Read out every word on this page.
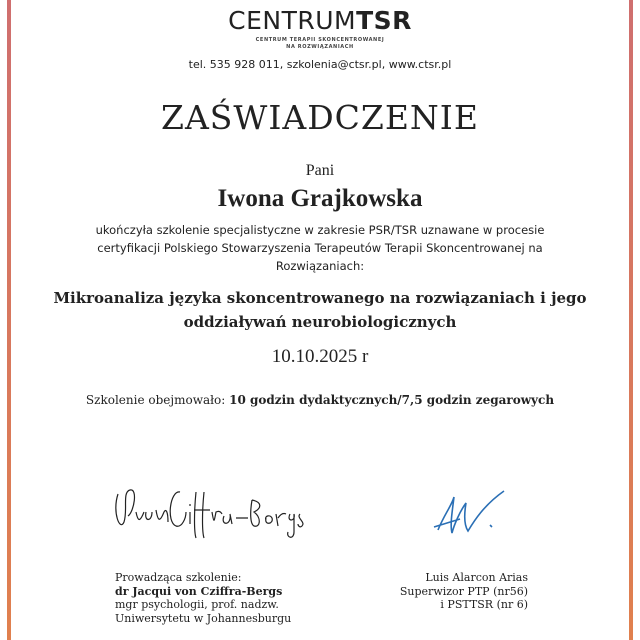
CENTRUMTSR
CENTRUM TERAPII SKONCENTROWANEJ
NA ROZWIĄZANIACH
tel. 535 928 011, szkolenia@ctsr.pl, www.ctsr.pl
ZAŚWIADCZENIE
Pani
Iwona Grajkowska
ukończyła szkolenie specjalistyczne w zakresie PSR/TSR uznawane w procesie
certyfikacji Polskiego Stowarzyszenia Terapeutów Terapii Skoncentrowanej na
Rozwiązaniach:
Mikroanaliza języka skoncentrowanego na rozwiązaniach i jego
oddziaływań neurobiologicznych
10.10.2025 r
Szkolenie obejmowało: 10 godzin dydaktycznych/7,5 godzin zegarowych
Prowadząca szkolenie:
dr Jacqui von Cziffra-Bergs
mgr psychologii, prof. nadzw.
Uniwersytetu w Johannesburgu
Luis Alarcon Arias
Superwizor PTP (nr56)
i PSTTSR (nr 6)
